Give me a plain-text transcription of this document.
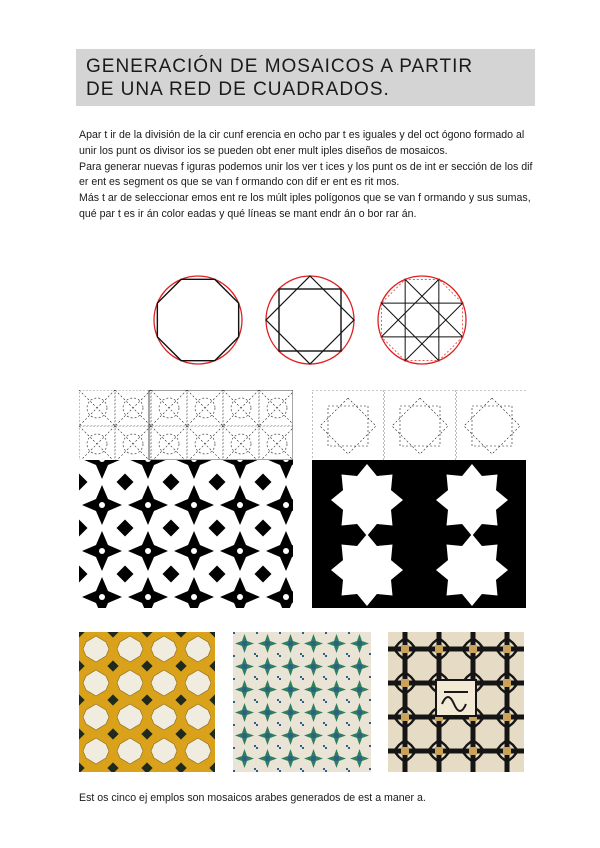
GENERACIÓN DE MOSAICOS A PARTIR
DE UNA RED DE CUADRADOS.

Apar t ir de la división de la cir cunf erencia en ocho par t es iguales y del oct ógono formado al unir los punt os divisor ios se pueden obt ener mult iples diseños de mosaicos.

Para generar nuevas f iguras podemos unir los ver t ices y los punt os de int er sección de los dif er ent es segment os que se van f ormando con dif er ent es rit mos.

Más t ar de seleccionar emos ent re los múlt iples polígonos que se van f ormando y sus sumas, qué par t es ir án color eadas y qué líneas se mant endr án o bor rar án.

Est os cinco ej emplos son mosaicos arabes generados de est a maner a.
